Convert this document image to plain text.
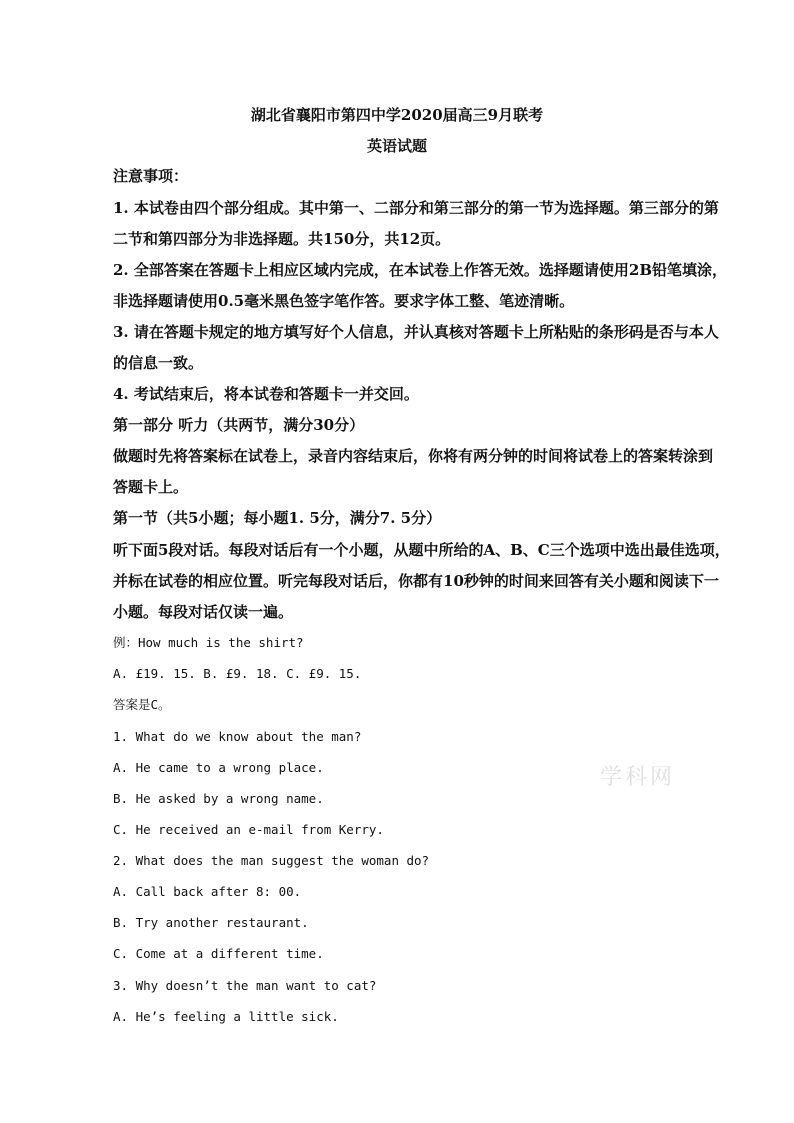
湖北省襄阳市第四中学2020届高三9月联考
英语试题
注意事项：
1. 本试卷由四个部分组成。其中第一、二部分和第三部分的第一节为选择题。第三部分的第
二节和第四部分为非选择题。共150分，共12页。
2. 全部答案在答题卡上相应区域内完成，在本试卷上作答无效。选择题请使用2B铅笔填涂，
非选择题请使用0.5毫米黑色签字笔作答。要求字体工整、笔迹清晰。
3. 请在答题卡规定的地方填写好个人信息，并认真核对答题卡上所粘贴的条形码是否与本人
的信息一致。
4. 考试结束后，将本试卷和答题卡一并交回。
第一部分 听力（共两节，满分30分）
做题时先将答案标在试卷上，录音内容结束后，你将有两分钟的时间将试卷上的答案转涂到
答题卡上。
第一节（共5小题；每小题1. 5分，满分7. 5分）
听下面5段对话。每段对话后有一个小题，从题中所给的A、B、C三个选项中选出最佳选项，
并标在试卷的相应位置。听完每段对话后，你都有10秒钟的时间来回答有关小题和阅读下一
小题。每段对话仅读一遍。
例：How much is the shirt?
A. £19. 15. B. £9. 18. C. £9. 15.
答案是C。
1. What do we know about the man?
A. He came to a wrong place.
B. He asked by a wrong name.
C. He received an e-mail from Kerry.
2. What does the man suggest the woman do?
A. Call back after 8: 00.
B. Try another restaurant.
C. Come at a different time.
3. Why doesn’t the man want to cat?
A. He’s feeling a little sick.
学科网
